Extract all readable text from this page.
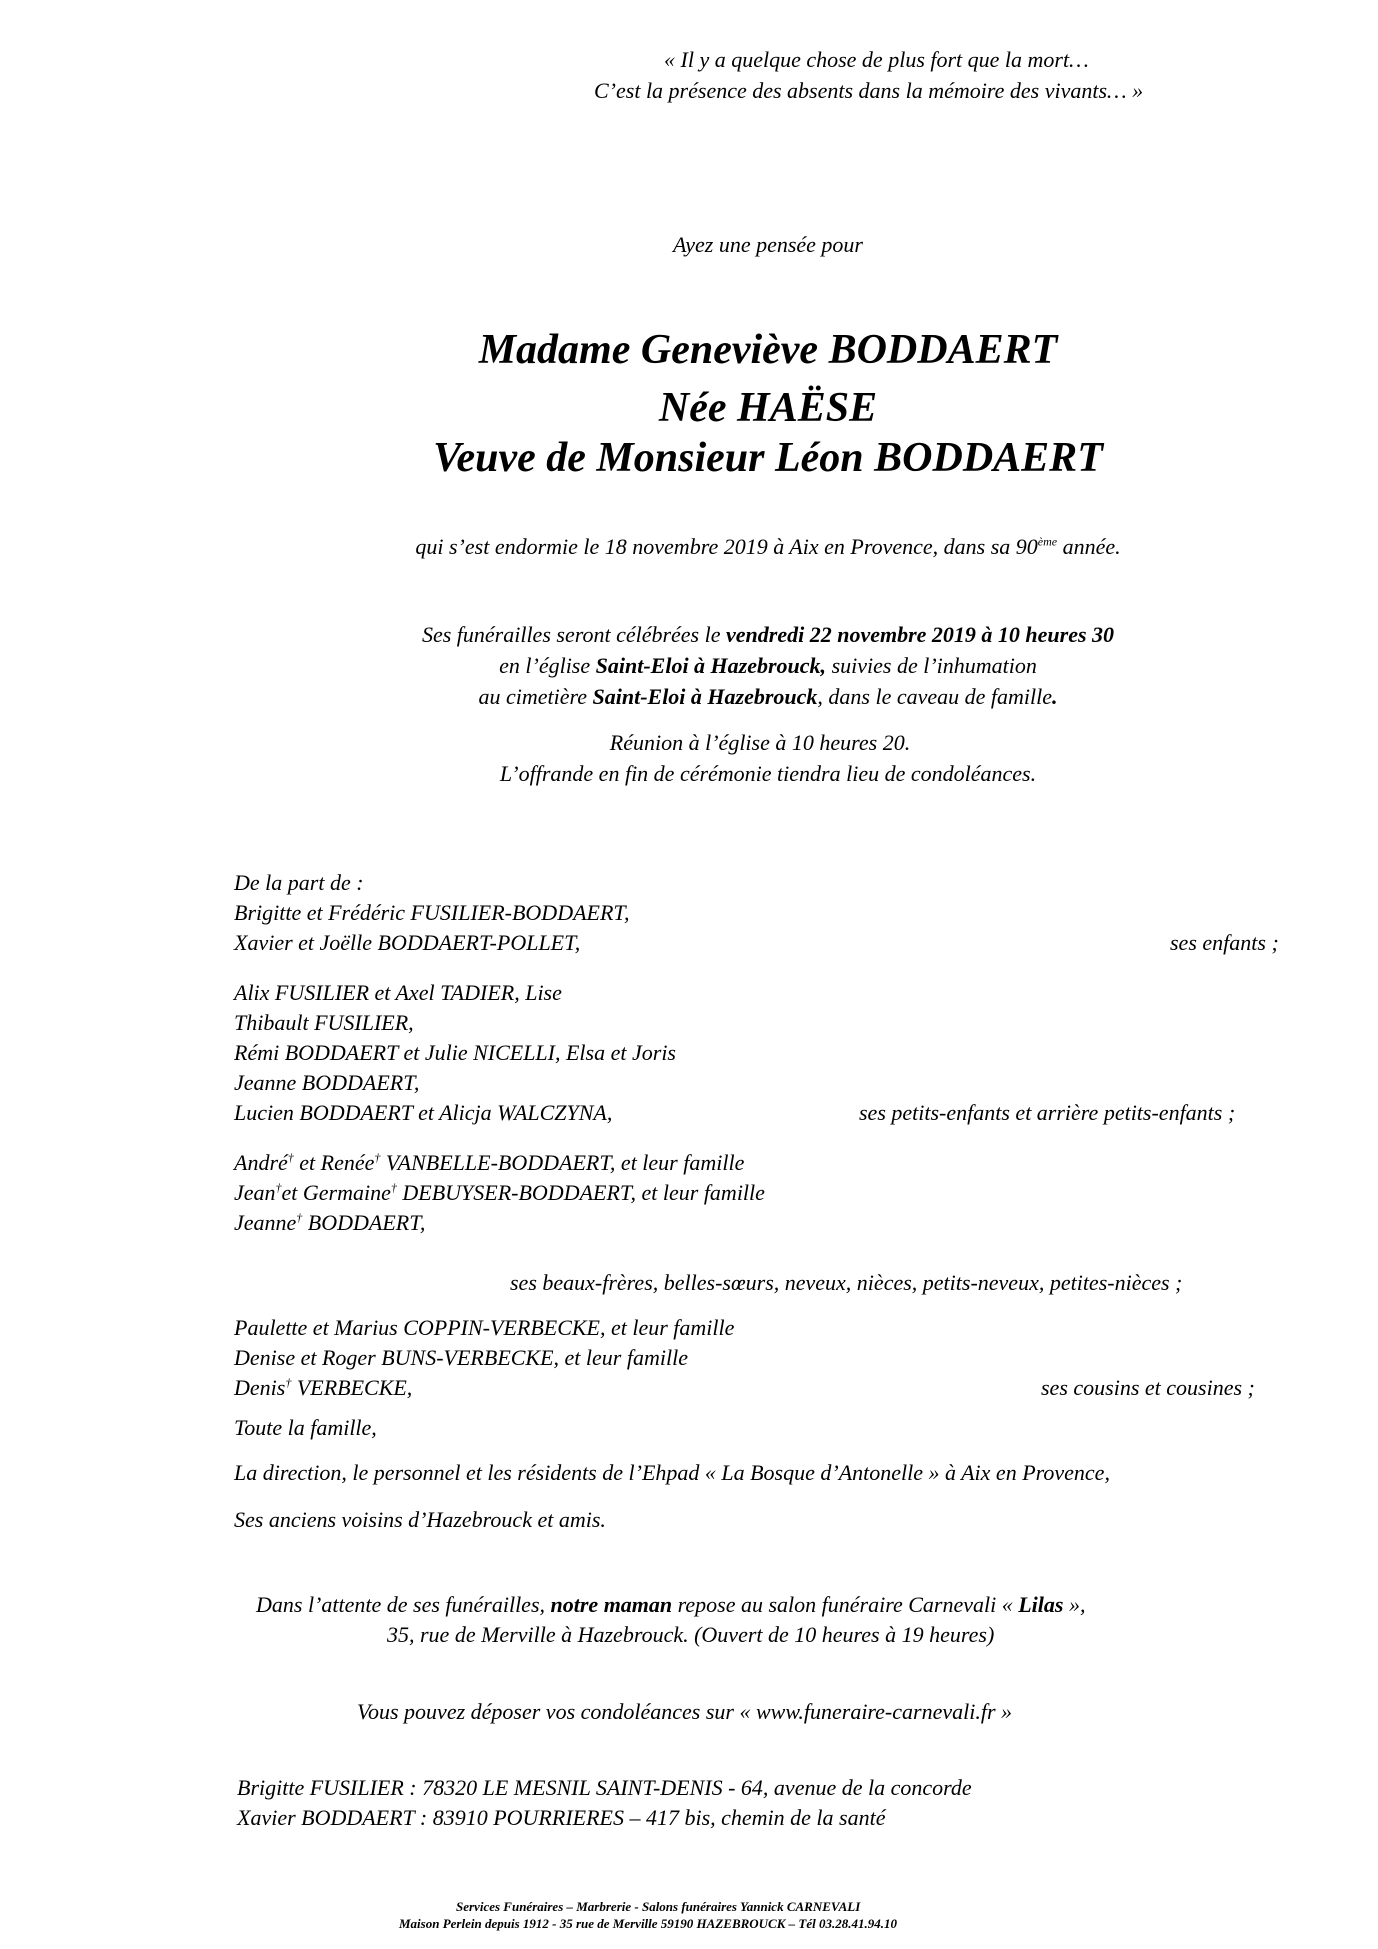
« Il y a quelque chose de plus fort que la mort…
C’est la présence des absents dans la mémoire des vivants… »
Ayez une pensée pour
Madame Geneviève BODDAERT
Née HAËSE
Veuve de Monsieur Léon BODDAERT
qui s’est endormie le 18 novembre 2019 à Aix en Provence, dans sa 90ème année.
Ses funérailles seront célébrées le vendredi 22 novembre 2019 à 10 heures 30
en l’église Saint-Eloi à Hazebrouck, suivies de l’inhumation
au cimetière Saint-Eloi à Hazebrouck, dans le caveau de famille.
Réunion à l’église à 10 heures 20.
L’offrande en fin de cérémonie tiendra lieu de condoléances.
De la part de :
Brigitte et Frédéric FUSILIER-BODDAERT,
Xavier et Joëlle BODDAERT-POLLET,	ses enfants ;
Alix FUSILIER et Axel TADIER, Lise
Thibault FUSILIER,
Rémi BODDAERT et Julie NICELLI, Elsa et Joris
Jeanne BODDAERT,
Lucien BODDAERT et Alicja WALCZYNA,	ses petits-enfants et arrière petits-enfants ;
André† et Renée† VANBELLE-BODDAERT, et leur famille
Jean†et Germaine† DEBUYSER-BODDAERT, et leur famille
Jeanne† BODDAERT,
ses beaux-frères, belles-sœurs, neveux, nièces, petits-neveux, petites-nièces ;
Paulette et Marius COPPIN-VERBECKE, et leur famille
Denise et Roger BUNS-VERBECKE, et leur famille
Denis† VERBECKE,	ses cousins et cousines ;
Toute la famille,
La direction, le personnel et les résidents de l’Ehpad « La Bosque d’Antonelle » à Aix en Provence,
Ses anciens voisins d’Hazebrouck et amis.
Dans l’attente de ses funérailles, notre maman repose au salon funéraire Carnevali « Lilas »,
35, rue de Merville à Hazebrouck. (Ouvert de 10 heures à 19 heures)
Vous pouvez déposer vos condoléances sur « www.funeraire-carnevali.fr »
Brigitte FUSILIER : 78320 LE MESNIL SAINT-DENIS - 64, avenue de la concorde
Xavier BODDAERT : 83910 POURRIERES – 417 bis, chemin de la santé
Services Funéraires – Marbrerie - Salons funéraires Yannick CARNEVALI
Maison Perlein depuis 1912 - 35 rue de Merville 59190 HAZEBROUCK – Tél 03.28.41.94.10
